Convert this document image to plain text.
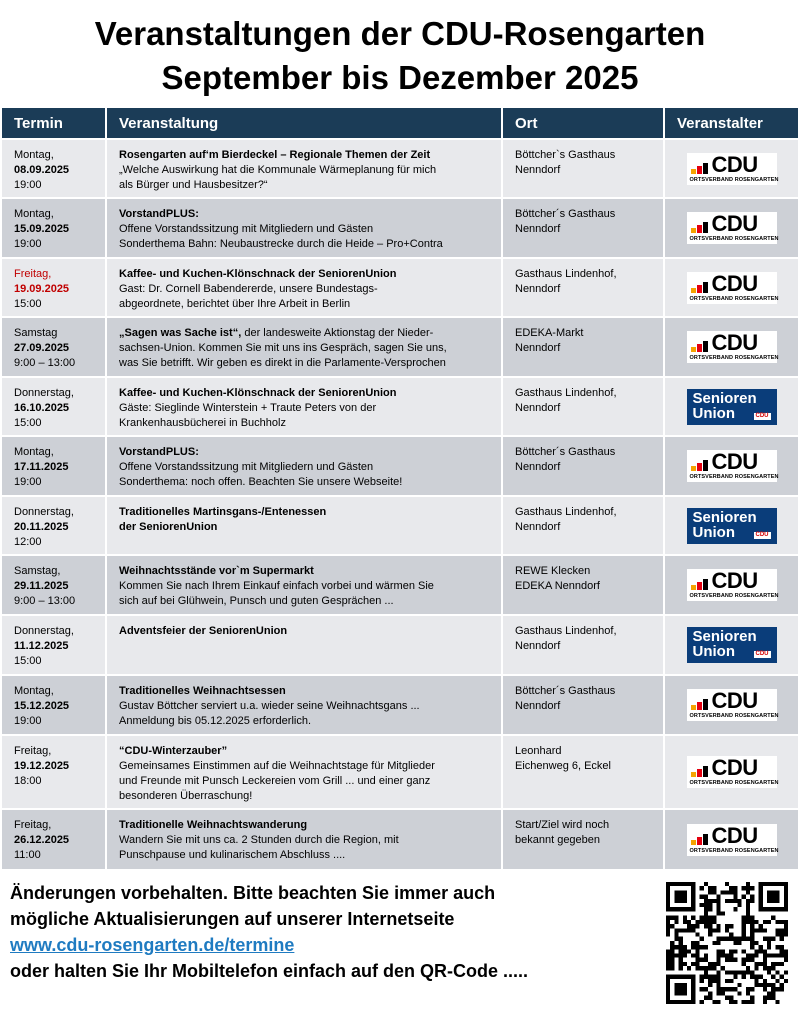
Veranstaltungen der CDU-Rosengarten
September bis Dezember 2025
Termin	Veranstaltung	Ort	Veranstalter

Montag,
08.09.2025
19:00	Rosengarten auf‘m Bierdeckel – Regionale Themen der Zeit
„Welche Auswirkung hat die Kommunale Wärmeplanung für mich
als Bürger und Hausbesitzer?“	Böttcher`s Gasthaus
Nenndorf	CDU
ORTSVERBAND ROSENGARTEN

Montag,
15.09.2025
19:00	VorstandPLUS:
Offene Vorstandssitzung mit Mitgliedern und Gästen
Sonderthema Bahn: Neubaustrecke durch die Heide – Pro+Contra	Böttcher´s Gasthaus
Nenndorf	CDU
ORTSVERBAND ROSENGARTEN

Freitag,
19.09.2025
15:00	Kaffee- und Kuchen-Klönschnack der SeniorenUnion
Gast: Dr. Cornell Babendererde, unsere Bundestags-
abgeordnete, berichtet über Ihre Arbeit in Berlin	Gasthaus Lindenhof,
Nenndorf	CDU
ORTSVERBAND ROSENGARTEN

Samstag
27.09.2025
9:00 – 13:00	„Sagen was Sache ist“, der landesweite Aktionstag der Nieder-
sachsen-Union. Kommen Sie mit uns ins Gespräch, sagen Sie uns,
was Sie betrifft. Wir geben es direkt in die Parlamente-Versprochen	EDEKA-Markt
Nenndorf	CDU
ORTSVERBAND ROSENGARTEN

Donnerstag,
16.10.2025
15:00	Kaffee- und Kuchen-Klönschnack der SeniorenUnion
Gäste: Sieglinde Winterstein + Traute Peters von der
Krankenhausbücherei in Buchholz	Gasthaus Lindenhof,
Nenndorf	Senioren
Union CDU

Montag,
17.11.2025
19:00	VorstandPLUS:
Offene Vorstandssitzung mit Mitgliedern und Gästen
Sonderthema: noch offen. Beachten Sie unsere Webseite!	Böttcher´s Gasthaus
Nenndorf	CDU
ORTSVERBAND ROSENGARTEN

Donnerstag,
20.11.2025
12:00	Traditionelles Martinsgans-/Entenessen
der SeniorenUnion	Gasthaus Lindenhof,
Nenndorf	Senioren
Union CDU

Samstag,
29.11.2025
9:00 – 13:00	Weihnachtsstände vor`m Supermarkt
Kommen Sie nach Ihrem Einkauf einfach vorbei und wärmen Sie
sich auf bei Glühwein, Punsch und guten Gesprächen ...	REWE Klecken
EDEKA Nenndorf	CDU
ORTSVERBAND ROSENGARTEN

Donnerstag,
11.12.2025
15:00	Adventsfeier der SeniorenUnion	Gasthaus Lindenhof,
Nenndorf	Senioren
Union CDU

Montag,
15.12.2025
19:00	Traditionelles Weihnachtsessen
Gustav Böttcher serviert u.a. wieder seine Weihnachtsgans ...
Anmeldung bis 05.12.2025 erforderlich.	Böttcher´s Gasthaus
Nenndorf	CDU
ORTSVERBAND ROSENGARTEN

Freitag,
19.12.2025
18:00	“CDU-Winterzauber”
Gemeinsames Einstimmen auf die Weihnachtstage für Mitglieder
und Freunde mit Punsch Leckereien vom Grill ... und einer ganz
besonderen Überraschung!	Leonhard
Eichenweg 6, Eckel	CDU
ORTSVERBAND ROSENGARTEN

Freitag,
26.12.2025
11:00	Traditionelle Weihnachtswanderung
Wandern Sie mit uns ca. 2 Stunden durch die Region, mit
Punschpause und kulinarischem Abschluss ....	Start/Ziel wird noch
bekannt gegeben	CDU
ORTSVERBAND ROSENGARTEN
Änderungen vorbehalten. Bitte beachten Sie immer auch
mögliche Aktualisierungen auf unserer Internetseite
www.cdu-rosengarten.de/termine
oder halten Sie Ihr Mobiltelefon einfach auf den QR-Code .....
